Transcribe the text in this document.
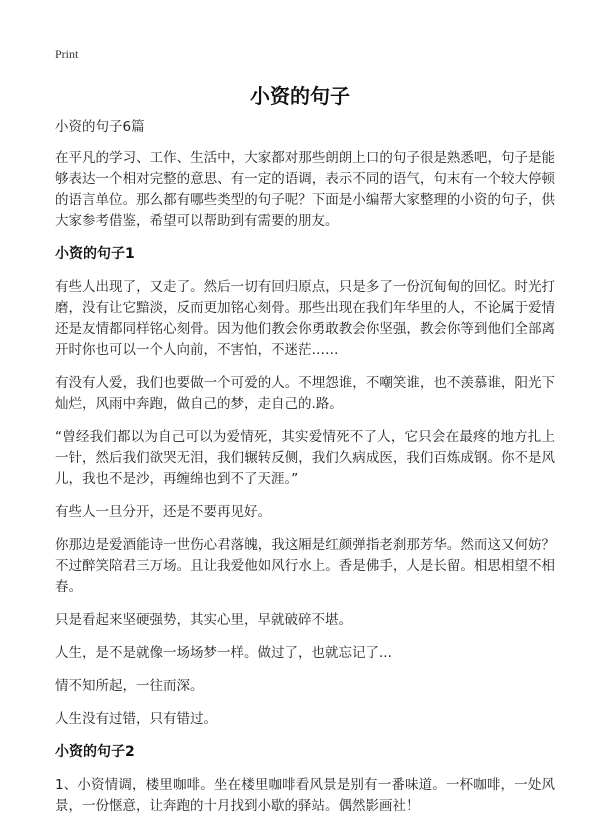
Print
小资的句子
小资的句子6篇

在平凡的学习、工作、生活中，大家都对那些朗朗上口的句子很是熟悉吧，句子是能够表达一个相对完整的意思、有一定的语调，表示不同的语气，句末有一个较大停顿的语言单位。那么都有哪些类型的句子呢？下面是小编帮大家整理的小资的句子，供大家参考借鉴，希望可以帮助到有需要的朋友。

小资的句子1

有些人出现了，又走了。然后一切有回归原点，只是多了一份沉甸甸的回忆。时光打磨，没有让它黯淡，反而更加铭心刻骨。那些出现在我们年华里的人，不论属于爱情还是友情都同样铭心刻骨。因为他们教会你勇敢教会你坚强，教会你等到他们全部离开时你也可以一个人向前，不害怕，不迷茫……

有没有人爱，我们也要做一个可爱的人。不埋怨谁，不嘲笑谁，也不羡慕谁，阳光下灿烂，风雨中奔跑，做自己的梦，走自己的.路。

“曾经我们都以为自己可以为爱情死，其实爱情死不了人，它只会在最疼的地方扎上一针，然后我们欲哭无泪，我们辗转反侧，我们久病成医，我们百炼成钢。你不是风儿，我也不是沙，再缠绵也到不了天涯。”

有些人一旦分开，还是不要再见好。

你那边是爱酒能诗一世伤心君落魄，我这厢是红颜弹指老刹那芳华。然而这又何妨？不过醉笑陪君三万场。且让我爱他如风行水上。香是佛手，人是长留。相思相望不相春。

只是看起来坚硬强势，其实心里，早就破碎不堪。

人生，是不是就像一场场梦一样。做过了，也就忘记了...

情不知所起，一往而深。

人生没有过错，只有错过。

小资的句子2

1、小资情调，楼里咖啡。坐在楼里咖啡看风景是别有一番味道。一杯咖啡，一处风景，一份惬意，让奔跑的十月找到小歇的驿站。偶然影画社！
